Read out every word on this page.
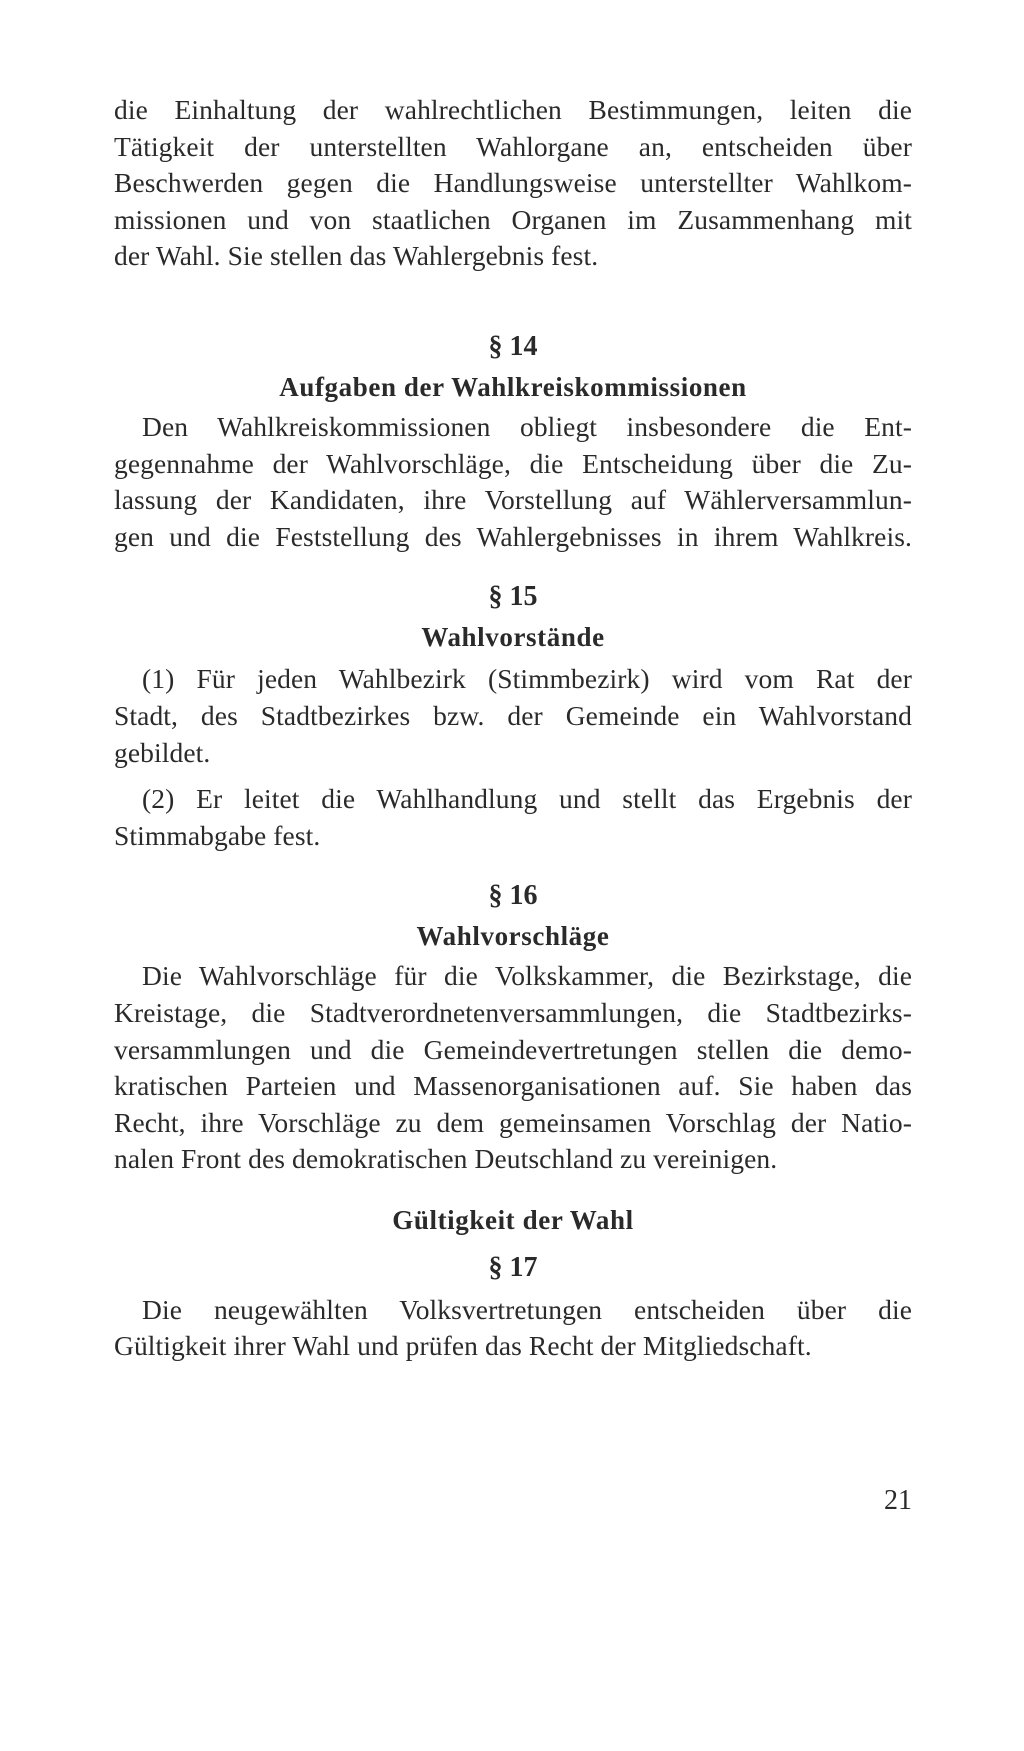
die Einhaltung der wahlrechtlichen Bestimmungen, leiten die
Tätigkeit der unterstellten Wahlorgane an, entscheiden über
Beschwerden gegen die Handlungsweise unterstellter Wahlkom-
missionen und von staatlichen Organen im Zusammenhang mit
der Wahl. Sie stellen das Wahlergebnis fest.
§ 14
Aufgaben der Wahlkreiskommissionen
Den Wahlkreiskommissionen obliegt insbesondere die Ent-
gegennahme der Wahlvorschläge, die Entscheidung über die Zu-
lassung der Kandidaten, ihre Vorstellung auf Wählerversammlun-
gen und die Feststellung des Wahlergebnisses in ihrem Wahlkreis.
§ 15
Wahlvorstände
(1) Für jeden Wahlbezirk (Stimmbezirk) wird vom Rat der
Stadt, des Stadtbezirkes bzw. der Gemeinde ein Wahlvorstand
gebildet.
(2) Er leitet die Wahlhandlung und stellt das Ergebnis der
Stimmabgabe fest.
§ 16
Wahlvorschläge
Die Wahlvorschläge für die Volkskammer, die Bezirkstage, die
Kreistage, die Stadtverordnetenversammlungen, die Stadtbezirks-
versammlungen und die Gemeindevertretungen stellen die demo-
kratischen Parteien und Massenorganisationen auf. Sie haben das
Recht, ihre Vorschläge zu dem gemeinsamen Vorschlag der Natio-
nalen Front des demokratischen Deutschland zu vereinigen.
Gültigkeit der Wahl
§ 17
Die neugewählten Volksvertretungen entscheiden über die
Gültigkeit ihrer Wahl und prüfen das Recht der Mitgliedschaft.
21
